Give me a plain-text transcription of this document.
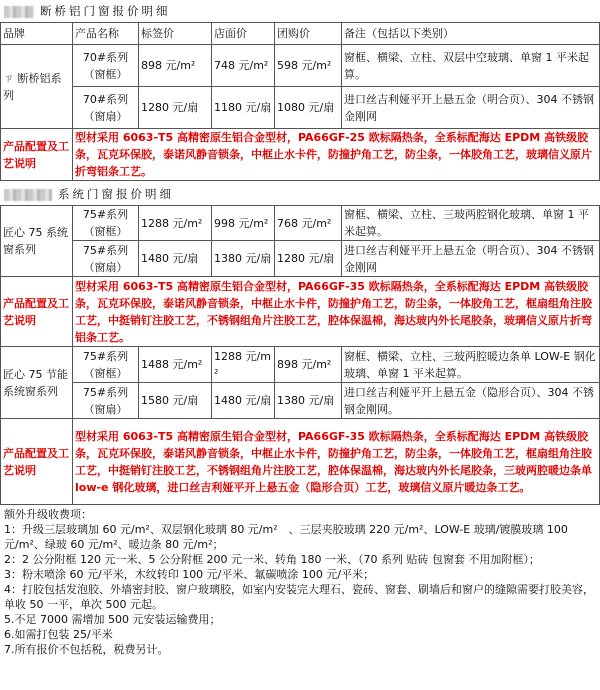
断桥铝门窗报价明细
品牌	产品名称	标签价	店面价	团购价	备注（包括以下类别）
ㄗ 断桥铝系列	70#系列（窗框）	898 元/m²	748 元/m²	598 元/m²	窗框、横梁、立柱、双层中空玻璃、单窗 1 平米起算。
	70#系列（窗扇）	1280 元/扇	1180 元/扇	1080 元/扇	进口丝吉利娅平开上悬五金（明合页）、304 不锈钢金刚网
产品配置及工艺说明	型材采用 6063-T5 高精密原生铝合金型材，PA66GF-25 欧标隔热条，全系标配海达 EPDM 高铁级胶条，瓦克环保胶，泰诺风静音锁条，中框止水卡件，防撞护角工艺，防尘条，一体胶角工艺，玻璃信义原片折弯铝条工艺。				
系统门窗报价明细
匠心 75 系统窗系列	75#系列（窗框）	1288 元/m²	998 元/m²	768 元/m²	窗框、横梁、立柱、三玻两腔钢化玻璃、单窗 1 平米起算。
	75#系列（窗扇）	1480 元/扇	1380 元/扇	1280 元/扇	进口丝吉利娅平开上悬五金（明合页）、304 不锈钢金刚网
产品配置及工艺说明	型材采用 6063-T5 高精密原生铝合金型材，PA66GF-35 欧标隔热条，全系标配海达 EPDM 高铁级胶条，瓦克环保胶，泰诺风静音锁条，中框止水卡件，防撞护角工艺，防尘条，一体胶角工艺，框扇组角注胶工艺，中挺销钉注胶工艺，不锈钢组角片注胶工艺，腔体保温棉，海达玻内外长尾胶条，玻璃信义原片折弯铝条工艺。				
匠心 75 节能系统窗系列	75#系列（窗框）	1488 元/m²	1288 元/m²	898 元/m²	窗框、横梁、立柱、三玻两腔暖边条单 LOW-E 钢化玻璃、单窗 1 平米起算。
	75#系列（窗扇）	1580 元/扇	1480 元/扇	1380 元/扇	进口丝吉利娅平开上悬五金（隐形合页）、304 不锈钢金刚网。
产品配置及工艺说明	型材采用 6063-T5 高精密原生铝合金型材，PA66GF-35 欧标隔热条，全系标配海达 EPDM 高铁级胶条，瓦克环保胶，泰诺风静音锁条，中框止水卡件，防撞护角工艺，防尘条，一体胶角工艺，框扇组角注胶工艺，中挺销钉注胶工艺，不锈钢组角片注胶工艺，腔体保温棉，海达玻内外长尾胶条，三玻两腔暖边条单 low-e 钢化玻璃，进口丝吉利娅平开上悬五金（隐形合页）工艺，玻璃信义原片暖边条工艺。				
额外升级收费项：
1：升级三层玻璃加 60 元/m²、双层钢化玻璃 80 元/m²　、三层夹胶玻璃 220 元/m²、LOW-E 玻璃/镀膜玻璃 100 元/m²、绿玻 60 元/m²、暖边条 80 元/m²；
2：2 公分附框 120 元一米、5 公分附框 200 元一米、转角 180 一米、（70 系列 贴砖 包窗套 不用加附框）；
3：粉末喷涂 60 元/平米，木纹转印 100 元/平米、氟碳喷涂 100 元/平米；
4：打胶包括发泡胶、外墙密封胶、窗户玻璃胶，如室内安装完大理石、瓷砖、窗套、刷墙后和窗户的缝隙需要打胶美容，单收 50 一平，单次 500 元起。
5.不足 7000 需增加 500 元安装运输费用；
6.如需打包装 25/平米
7.所有报价不包括税，税费另计。
